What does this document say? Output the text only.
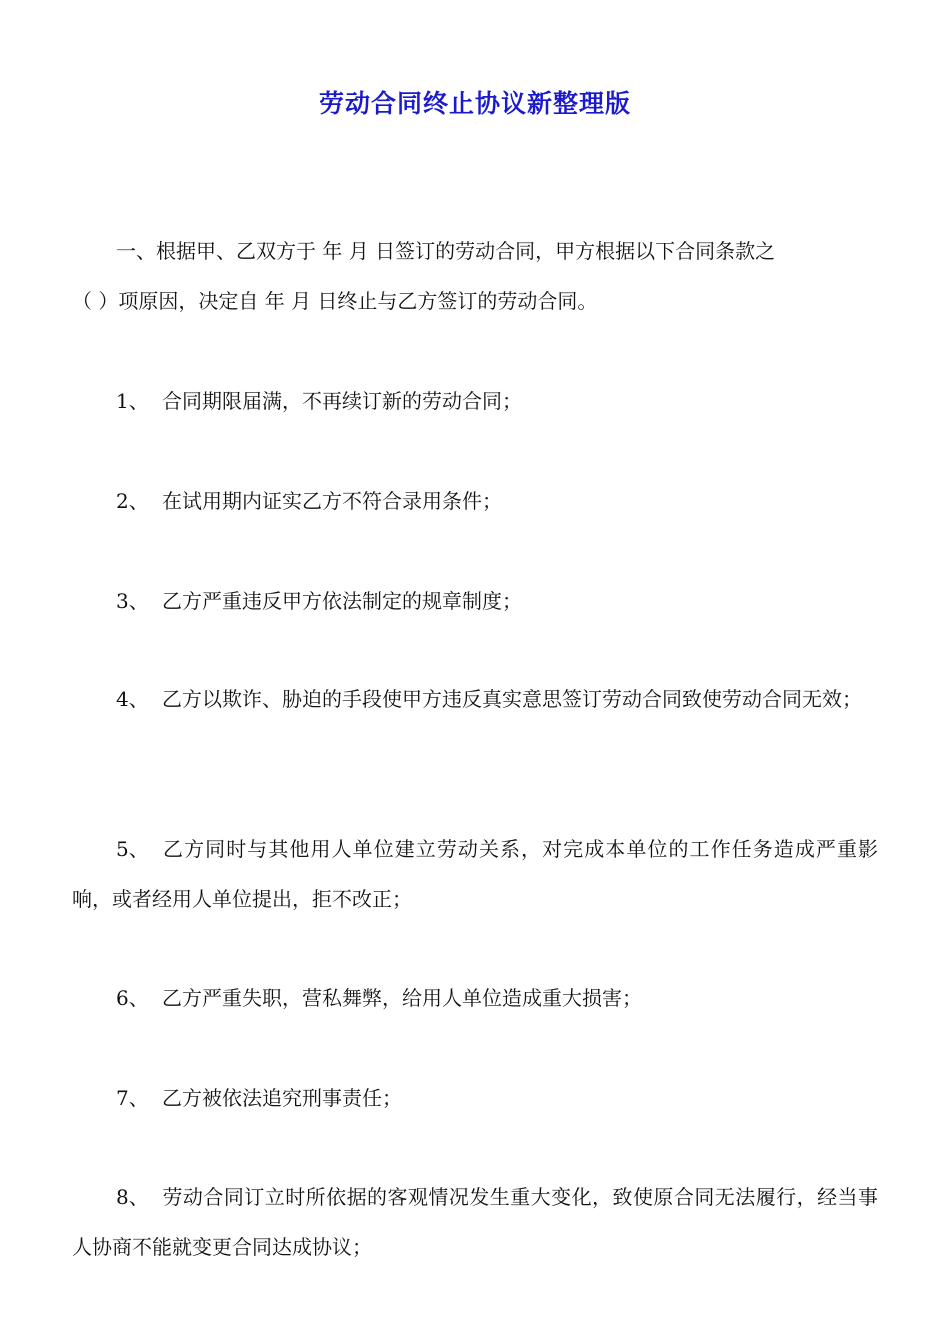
劳动合同终止协议新整理版

一、根据甲、乙双方于 年 月 日签订的劳动合同，甲方根据以下合同条款之

（ ）项原因，决定自 年 月 日终止与乙方签订的劳动合同。

1、 合同期限届满，不再续订新的劳动合同；

2、 在试用期内证实乙方不符合录用条件；

3、 乙方严重违反甲方依法制定的规章制度；

4、 乙方以欺诈、胁迫的手段使甲方违反真实意思签订劳动合同致使劳动合同无效；

5、 乙方同时与其他用人单位建立劳动关系，对完成本单位的工作任务造成严重影响，或者经用人单位提出，拒不改正；

6、 乙方严重失职，营私舞弊，给用人单位造成重大损害；

7、 乙方被依法追究刑事责任；

8、 劳动合同订立时所依据的客观情况发生重大变化，致使原合同无法履行，经当事人协商不能就变更合同达成协议；
